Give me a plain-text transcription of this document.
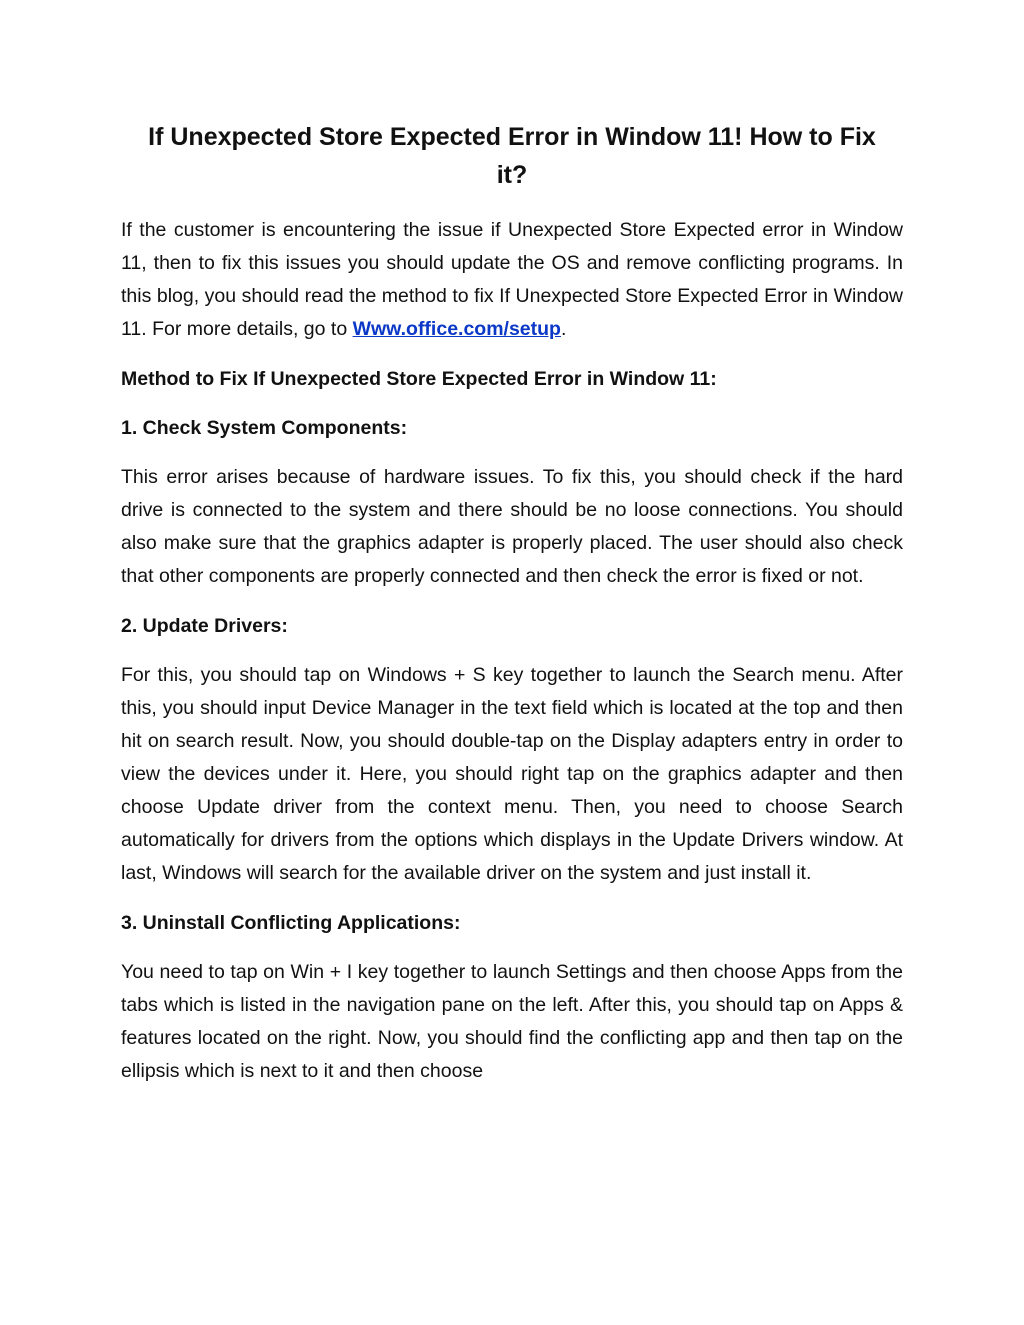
If Unexpected Store Expected Error in Window 11! How to Fix it?

If the customer is encountering the issue if Unexpected Store Expected error in Window 11, then to fix this issues you should update the OS and remove conflicting programs. In this blog, you should read the method to fix If Unexpected Store Expected Error in Window 11. For more details, go to Www.office.com/setup.

Method to Fix If Unexpected Store Expected Error in Window 11:
1. Check System Components:

This error arises because of hardware issues. To fix this, you should check if the hard drive is connected to the system and there should be no loose connections. You should also make sure that the graphics adapter is properly placed. The user should also check that other components are properly connected and then check the error is fixed or not.

2. Update Drivers:

For this, you should tap on Windows + S key together to launch the Search menu. After this, you should input Device Manager in the text field which is located at the top and then hit on search result. Now, you should double-tap on the Display adapters entry in order to view the devices under it. Here, you should right tap on the graphics adapter and then choose Update driver from the context menu. Then, you need to choose Search automatically for drivers from the options which displays in the Update Drivers window. At last, Windows will search for the available driver on the system and just install it.

3. Uninstall Conflicting Applications:

You need to tap on Win + I key together to launch Settings and then choose Apps from the tabs which is listed in the navigation pane on the left. After this, you should tap on Apps & features located on the right. Now, you should find the conflicting app and then tap on the ellipsis which is next to it and then choose
